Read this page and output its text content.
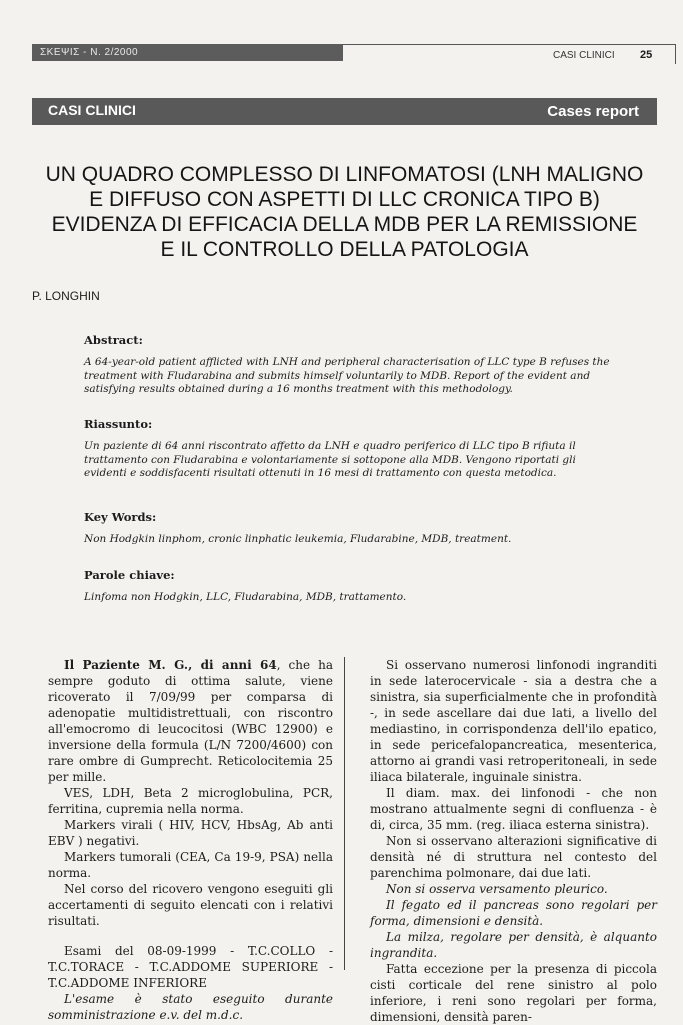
ΣΚΕΨΙΣ - N. 2/2000	CASI CLINICI 25
CASI CLINICI	Cases report
UN QUADRO COMPLESSO DI LINFOMATOSI (LNH MALIGNO
E DIFFUSO CON ASPETTI DI LLC CRONICA TIPO B)
EVIDENZA DI EFFICACIA DELLA MDB PER LA REMISSIONE
E IL CONTROLLO DELLA PATOLOGIA
P. LONGHIN
Abstract:
A 64-year-old patient afflicted with LNH and peripheral characterisation of LLC type B refuses the treatment with Fludarabina and submits himself voluntarily to MDB. Report of the evident and satisfying results obtained during a 16 months treatment with this methodology.
Riassunto:
Un paziente di 64 anni riscontrato affetto da LNH e quadro periferico di LLC tipo B rifiuta il trattamento con Fludarabina e volontariamente si sottopone alla MDB. Vengono riportati gli evidenti e soddisfacenti risultati ottenuti in 16 mesi di trattamento con questa metodica.
Key Words:
Non Hodgkin linphom, cronic linphatic leukemia, Fludarabine, MDB, treatment.
Parole chiave:
Linfoma non Hodgkin, LLC, Fludarabina, MDB, trattamento.

Il Paziente M. G., di anni 64, che ha sempre goduto di ottima salute, viene ricoverato il 7/09/99 per comparsa di adenopatie multidistrettuali, con riscontro all'emocromo di leucocitosi (WBC 12900) e inversione della formula (L/N 7200/4600) con rare ombre di Gumprecht. Reticolocitemia 25 per mille.

VES, LDH, Beta 2 microglobulina, PCR, ferritina, cupremia nella norma.

Markers virali ( HIV, HCV, HbsAg, Ab anti EBV ) negativi.

Markers tumorali (CEA, Ca 19-9, PSA) nella norma.

Nel corso del ricovero vengono eseguiti gli accertamenti di seguito elencati con i relativi risultati.

Esami del 08-09-1999 - T.C.COLLO - T.C.TORACE - T.C.ADDOME SUPERIORE - T.C.ADDOME INFERIORE

L'esame è stato eseguito durante somministrazione e.v. del m.d.c.

Si osservano numerosi linfonodi ingranditi in sede laterocervicale - sia a destra che a sinistra, sia superficialmente che in profondità -, in sede ascellare dai due lati, a livello del mediastino, in corrispondenza dell'ilo epatico, in sede pericefalopancreatica, mesenterica, attorno ai grandi vasi retroperitoneali, in sede iliaca bilaterale, inguinale sinistra.

Il diam. max. dei linfonodi - che non mostrano attualmente segni di confluenza - è di, circa, 35 mm. (reg. iliaca esterna sinistra).

Non si osservano alterazioni significative di densità né di struttura nel contesto del parenchima polmonare, dai due lati.

Non si osserva versamento pleurico.

Il fegato ed il pancreas sono regolari per forma, dimensioni e densità.

La milza, regolare per densità, è alquanto ingrandita.

Fatta eccezione per la presenza di piccola cisti corticale del rene sinistro al polo inferiore, i reni sono regolari per forma, dimensioni, densità paren-
